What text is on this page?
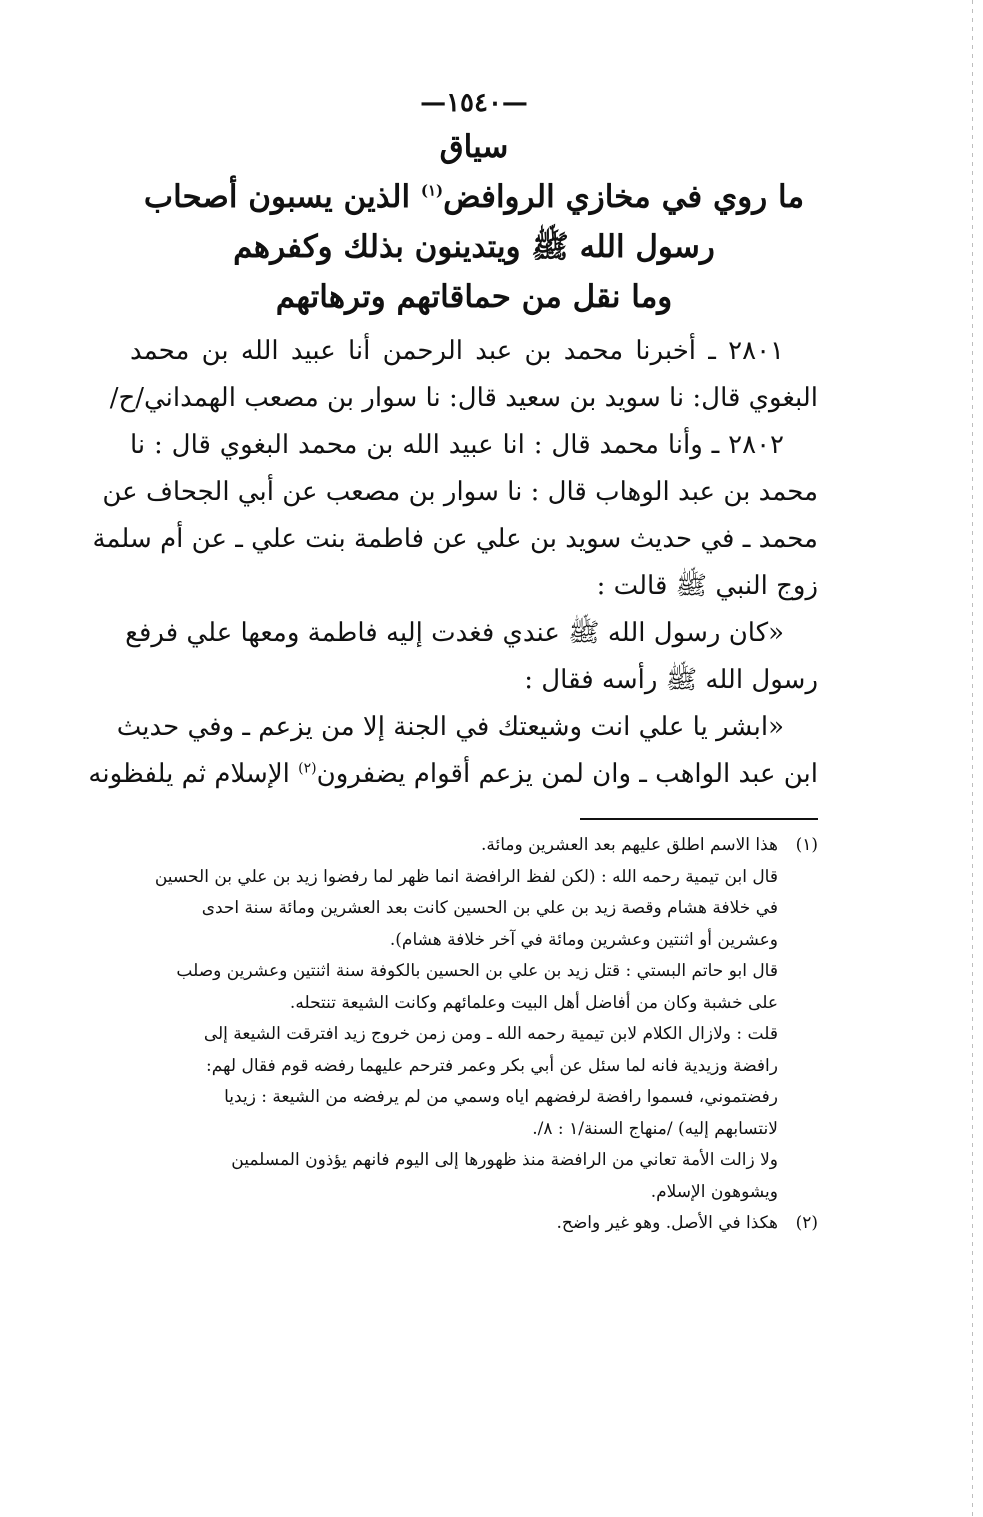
—١٥٤٠—
سياق
ما روي في مخازي الروافض$^{(١)}$ الذين يسبون أصحاب
رسول الله ﷺ ويتدينون بذلك وكفرهم
وما نقل من حماقاتهم وترهاتهم

٢٨٠١ ـ أخبرنا محمد بن عبد الرحمن أنا عبيد الله بن محمد
البغوي قال: نا سويد بن سعيد قال: نا سوار بن مصعب الهمداني/ح/

٢٨٠٢ ـ وأنا محمد قال : انا عبيد الله بن محمد البغوي قال : نا
محمد بن عبد الوهاب قال : نا سوار بن مصعب عن أبي الجحاف عن
محمد ـ في حديث سويد بن علي عن فاطمة بنت علي ـ عن أم سلمة
زوج النبي ﷺ قالت :

«كان رسول الله ﷺ عندي فغدت إليه فاطمة ومعها علي فرفع
رسول الله ﷺ رأسه فقال :

«ابشر يا علي انت وشيعتك في الجنة إلا من يزعم ـ وفي حديث
ابن عبد الواهب ـ وان لمن يزعم أقوام يضفرون$^{(٢)}$ الإسلام ثم يلفظونه

(١)
هذا الاسم اطلق عليهم بعد العشرين ومائة.
قال ابن تيمية رحمه الله : (لكن لفظ الرافضة انما ظهر لما رفضوا زيد بن علي بن الحسين
في خلافة هشام وقصة زيد بن علي بن الحسين كانت بعد العشرين ومائة سنة احدى
وعشرين أو اثنتين وعشرين ومائة في آخر خلافة هشام).
قال ابو حاتم البستي : قتل زيد بن علي بن الحسين بالكوفة سنة اثنتين وعشرين وصلب
على خشبة وكان من أفاضل أهل البيت وعلمائهم وكانت الشيعة تنتحله.
قلت : ولازال الكلام لابن تيمية رحمه الله ـ ومن زمن خروج زيد افترقت الشيعة إلى
رافضة وزيدية فانه لما سئل عن أبي بكر وعمر فترحم عليهما رفضه قوم فقال لهم:
رفضتموني، فسموا رافضة لرفضهم اياه وسمي من لم يرفضه من الشيعة : زيديا
لانتسابهم إليه) /منهاج السنة/١ : ٨/.
ولا زالت الأمة تعاني من الرافضة منذ ظهورها إلى اليوم فانهم يؤذون المسلمين
ويشوهون الإسلام.
(٢)
هكذا في الأصل. وهو غير واضح.
